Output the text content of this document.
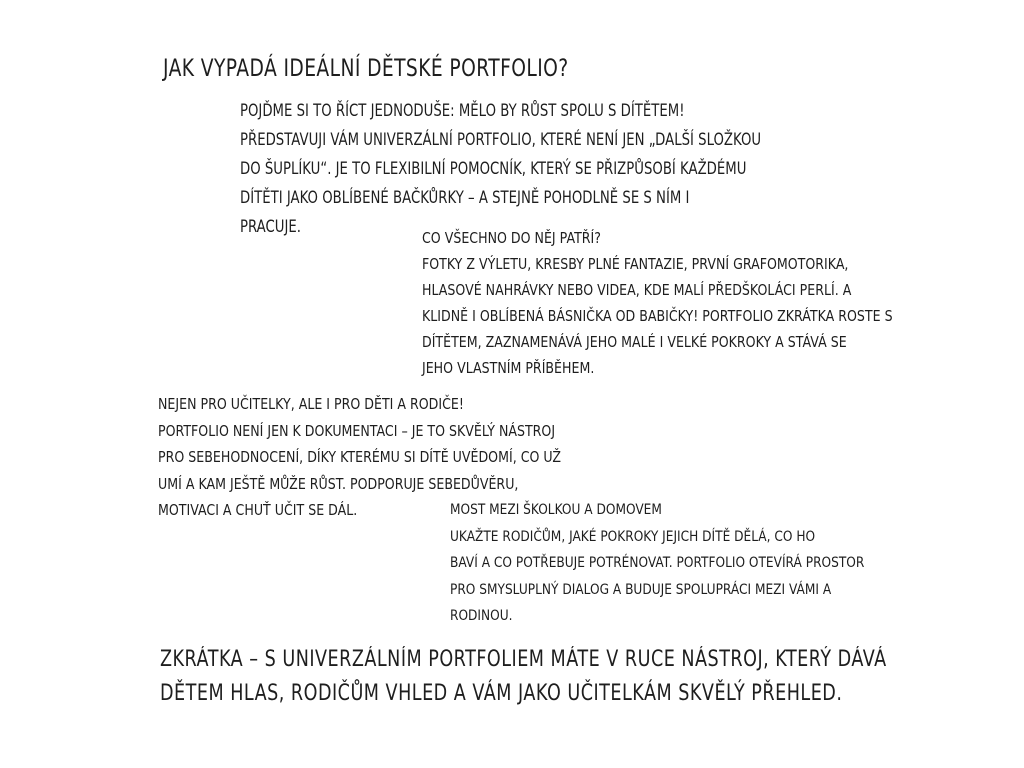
JAK VYPADÁ IDEÁLNÍ DĚTSKÉ PORTFOLIO?

POJĎME SI TO ŘÍCT JEDNODUŠE: MĚLO BY RŮST SPOLU S DÍTĚTEM!

PŘEDSTAVUJI VÁM UNIVERZÁLNÍ PORTFOLIO, KTERÉ NENÍ JEN „DALŠÍ SLOŽKOU

DO ŠUPLÍKU“. JE TO FLEXIBILNÍ POMOCNÍK, KTERÝ SE PŘIZPŮSOBÍ KAŽDÉMU

DÍTĚTI JAKO OBLÍBENÉ BAČKŮRKY – A STEJNĚ POHODLNĚ SE S NÍM I

PRACUJE.

CO VŠECHNO DO NĚJ PATŘÍ?

FOTKY Z VÝLETU, KRESBY PLNÉ FANTAZIE, PRVNÍ GRAFOMOTORIKA,

HLASOVÉ NAHRÁVKY NEBO VIDEA, KDE MALÍ PŘEDŠKOLÁCI PERLÍ. A

KLIDNĚ I OBLÍBENÁ BÁSNIČKA OD BABIČKY! PORTFOLIO ZKRÁTKA ROSTE S

DÍTĚTEM, ZAZNAMENÁVÁ JEHO MALÉ I VELKÉ POKROKY A STÁVÁ SE

JEHO VLASTNÍM PŘÍBĚHEM.

NEJEN PRO UČITELKY, ALE I PRO DĚTI A RODIČE!

PORTFOLIO NENÍ JEN K DOKUMENTACI – JE TO SKVĚLÝ NÁSTROJ

PRO SEBEHODNOCENÍ, DÍKY KTERÉMU SI DÍTĚ UVĚDOMÍ, CO UŽ

UMÍ A KAM JEŠTĚ MŮŽE RŮST. PODPORUJE SEBEDŮVĚRU,

MOTIVACI A CHUŤ UČIT SE DÁL.	MOST MEZI ŠKOLKOU A DOMOVEM

UKAŽTE RODIČŮM, JAKÉ POKROKY JEJICH DÍTĚ DĚLÁ, CO HO

BAVÍ A CO POTŘEBUJE POTRÉNOVAT. PORTFOLIO OTEVÍRÁ PROSTOR

PRO SMYSLUPLNÝ DIALOG A BUDUJE SPOLUPRÁCI MEZI VÁMI A

RODINOU.

ZKRÁTKA – S UNIVERZÁLNÍM PORTFOLIEM MÁTE V RUCE NÁSTROJ, KTERÝ DÁVÁ

DĚTEM HLAS, RODIČŮM VHLED A VÁM JAKO UČITELKÁM SKVĚLÝ PŘEHLED.
